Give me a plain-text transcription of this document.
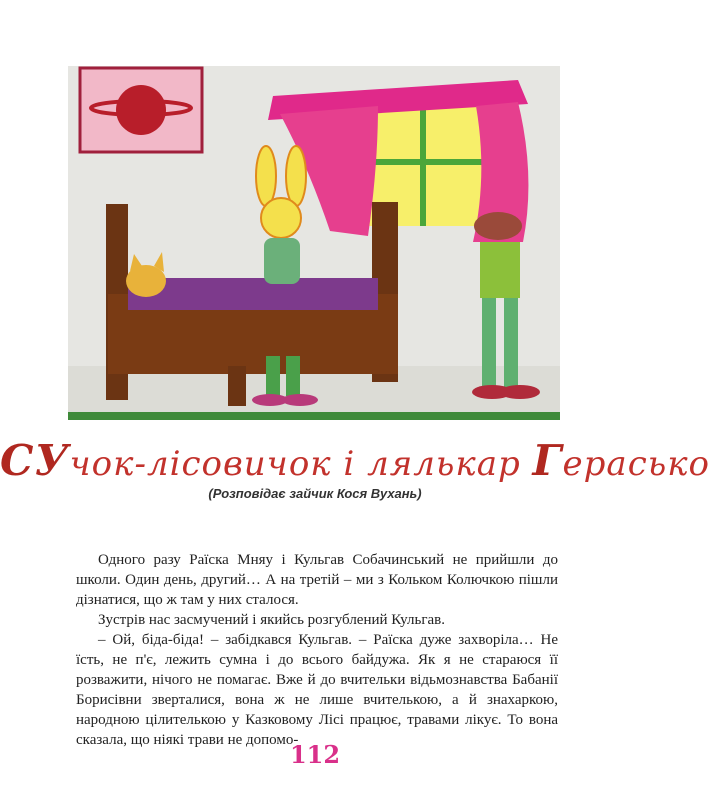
СУчок-лісовичок і лялькар Герасько
(Розповідає зайчик Кося Вухань)

Одного разу Раїска Мняу і Кульгав Собачинський не прийшли до школи. Один день, другий… А на третій – ми з Кольком Колючкою пішли дізнатися, що ж там у них сталося.

Зустрів нас засмучений і якийсь розгублений Кульгав.

– Ой, біда-біда! – забідкався Кульгав. – Раїска дуже захворіла… Не їсть, не п'є, лежить сумна і до всього байдужа. Як я не стараюся її розважити, нічого не помагає. Вже й до вчительки відьмознавства Бабанії Борисівни зверталися, вона ж не лише вчителькою, а й знахаркою, народною цілителькою у Казковому Лісі працює, травами лікує. То вона сказала, що ніякі трави не допомо-

112
